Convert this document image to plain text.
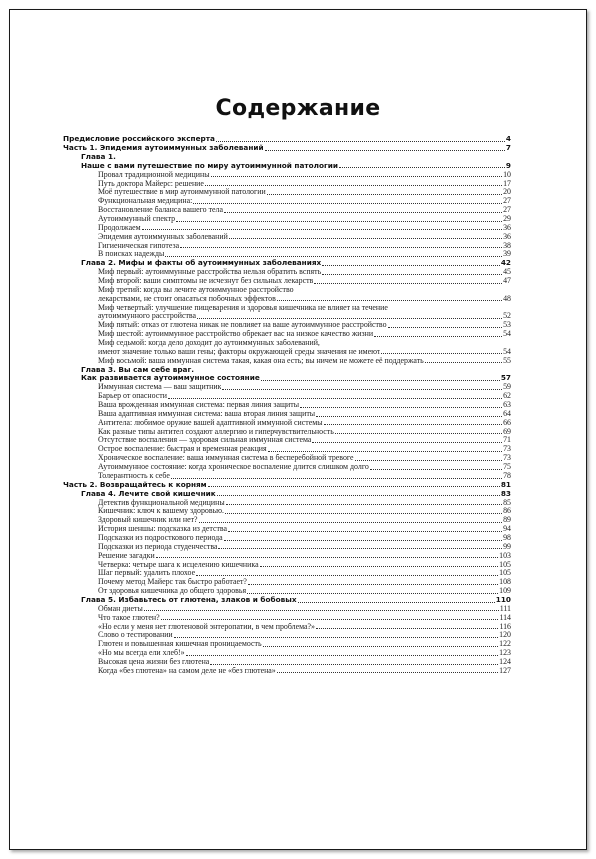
Содержание
Предисловие российского эксперта	4
Часть 1. Эпидемия аутоиммунных заболеваний	7
Глава 1.
Наше с вами путешествие по миру аутоиммунной патологии	9
Провал традиционной медицины	10
Путь доктора Майерс: решение	17
Моё путешествие в мир аутоиммунной патологии	20
Функциональная медицина:	27
Восстановление баланса вашего тела	27
Аутоиммунный спектр	29
Продолжаем	36
Эпидемия аутоиммунных заболеваний	36
Гигиеническая гипотеза	38
В поисках надежды	39
Глава 2. Мифы и факты об аутоиммунных заболеваниях	42
Миф первый: аутоиммунные расстройства нельзя обратить вспять	45
Миф второй: ваши симптомы не исчезнут без сильных лекарств	47
Миф третий: когда вы лечите аутоиммунное расстройство
лекарствами, не стоит опасаться побочных эффектов	48
Миф четвертый: улучшение пищеварения и здоровья кишечника не влияет на течение
аутоиммунного расстройства	52
Миф пятый: отказ от глютена никак не повлияет на ваше аутоиммунное расстройство	53
Миф шестой: аутоиммунное расстройство обрекает вас на низкое качество жизни	54
Миф седьмой: когда дело доходит до аутоиммунных заболеваний,
имеют значение только ваши гены; факторы окружающей среды значения не имеют	54
Миф восьмой: ваша иммунная система такая, какая она есть; вы ничем не можете её поддержать	55
Глава 3. Вы сам себе враг.
Как развивается аутоиммунное состояние	57
Иммунная система — ваш защитник	59
Барьер от опасности	62
Ваша врожденная иммунная система: первая линия защиты	63
Ваша адаптивная иммунная система: ваша вторая линия защиты	64
Антитела: любимое оружие вашей адаптивной иммунной системы	66
Как разные типы антител создают аллергию и гиперчувствительность	69
Отсутствие воспаления — здоровая сильная иммунная система	71
Острое воспаление: быстрая и временная реакция	73
Хроническое воспаление: ваша иммунная система в бесперебойной тревоге	73
Аутоиммунное состояние: когда хроническое воспаление длится слишком долго	75
Толерантность к себе	78
Часть 2. Возвращайтесь к корням	81
Глава 4. Лечите свой кишечник	83
Детектив функциональной медицины	85
Кишечник: ключ к вашему здоровью.	86
Здоровый кишечник или нет?	89
История шеншы: подсказка из детства	94
Подсказки из подросткового периода	98
Подсказки из периода студенчества	99
Решение загадки	103
Четверка: четыре шага к исцелению кишечника	105
Шаг первый: удалить плохое	105
Почему метод Майерс так быстро работает?	108
От здоровья кишечника до общего здоровья	109
Глава 5. Избавьтесь от глютена, злаков и бобовых	110
Обман диеты	111
Что такое глютен?	114
«Но если у меня нет глютеновой энтеропатии, в чем проблема?»	116
Слово о тестировании	120
Глютен и повышенная кишечная проницаемость	122
«Но мы всегда ели хлеб!»	123
Высокая цена жизни без глютена	124
Когда «без глютена» на самом деле не «без глютена»	127
